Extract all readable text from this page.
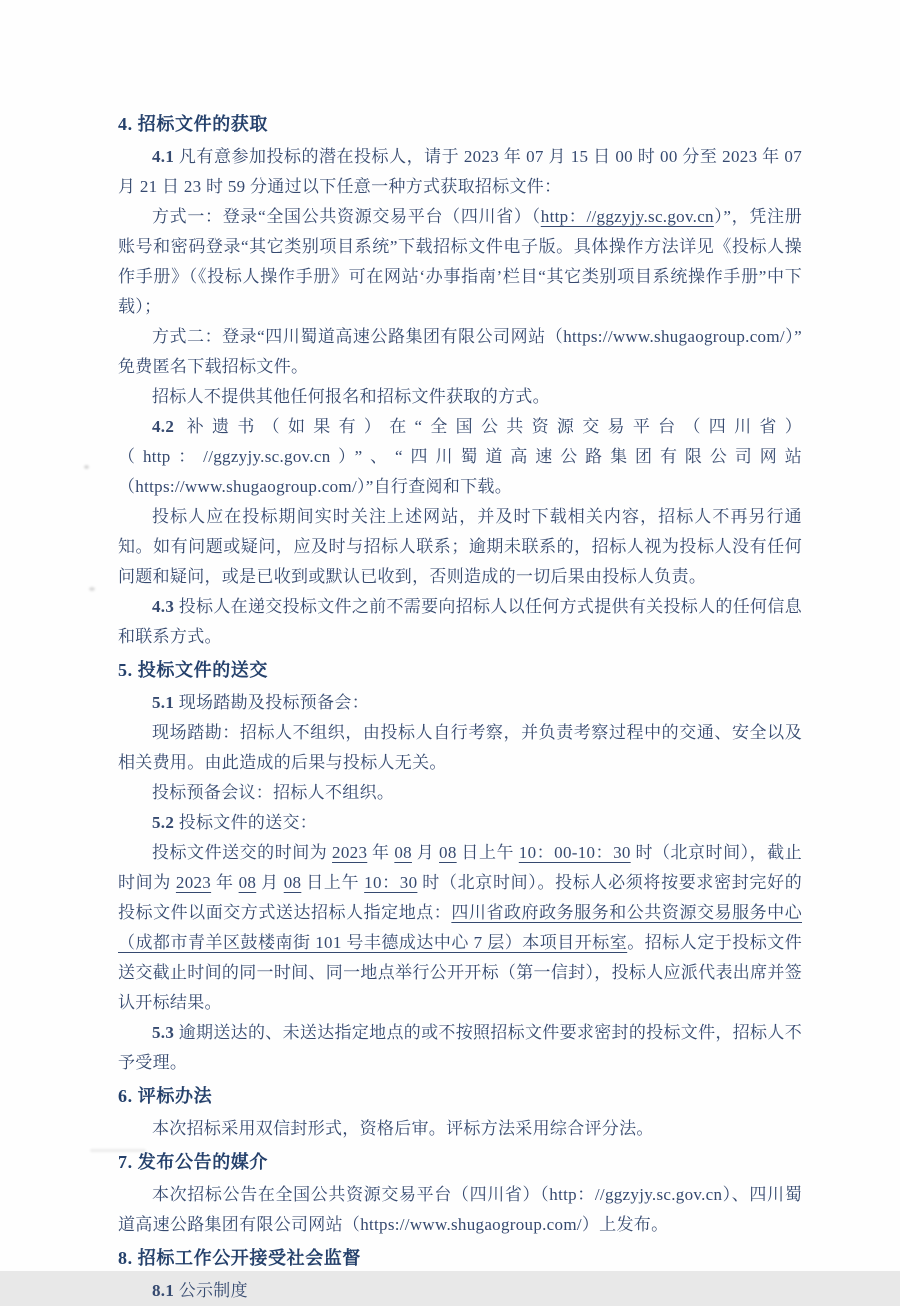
4. 招标文件的获取

4.1 凡有意参加投标的潜在投标人，请于 2023 年 07 月 15 日 00 时 00 分至 2023 年 07 月 21 日 23 时 59 分通过以下任意一种方式获取招标文件：

方式一：登录“全国公共资源交易平台（四川省）（http：//ggzyjy.sc.gov.cn）”，凭注册账号和密码登录“其它类别项目系统”下载招标文件电子版。具体操作方法详见《投标人操作手册》（《投标人操作手册》可在网站‘办事指南’栏目“其它类别项目系统操作手册”中下载）；

方式二：登录“四川蜀道高速公路集团有限公司网站（https://www.shugaogroup.com/）” 免费匿名下载招标文件。

招标人不提供其他任何报名和招标文件获取的方式。

4.2 补遗书（如果有）在“全国公共资源交易平台（四川省）（http：//ggzyjy.sc.gov.cn）”、“四川蜀道高速公路集团有限公司网站（https://www.shugaogroup.com/）”自行查阅和下载。

投标人应在投标期间实时关注上述网站，并及时下载相关内容，招标人不再另行通知。如有问题或疑问，应及时与招标人联系；逾期未联系的，招标人视为投标人没有任何问题和疑问，或是已收到或默认已收到，否则造成的一切后果由投标人负责。

4.3 投标人在递交投标文件之前不需要向招标人以任何方式提供有关投标人的任何信息和联系方式。

5. 投标文件的送交

5.1 现场踏勘及投标预备会：

现场踏勘：招标人不组织，由投标人自行考察，并负责考察过程中的交通、安全以及相关费用。由此造成的后果与投标人无关。

投标预备会议：招标人不组织。

5.2 投标文件的送交：

投标文件送交的时间为 2023 年 08 月 08 日上午 10：00-10：30 时（北京时间），截止时间为 2023 年 08 月 08 日上午 10：30 时（北京时间）。投标人必须将按要求密封完好的投标文件以面交方式送达招标人指定地点：四川省政府政务服务和公共资源交易服务中心（成都市青羊区鼓楼南街 101 号丰德成达中心 7 层）本项目开标室。招标人定于投标文件送交截止时间的同一时间、同一地点举行公开开标（第一信封），投标人应派代表出席并签认开标结果。

5.3 逾期送达的、未送达指定地点的或不按照招标文件要求密封的投标文件，招标人不予受理。

6. 评标办法

本次招标采用双信封形式，资格后审。评标方法采用综合评分法。

7. 发布公告的媒介

本次招标公告在全国公共资源交易平台（四川省）（http：//ggzyjy.sc.gov.cn）、四川蜀道高速公路集团有限公司网站（https://www.shugaogroup.com/）上发布。

8. 招标工作公开接受社会监督

8.1 公示制度
